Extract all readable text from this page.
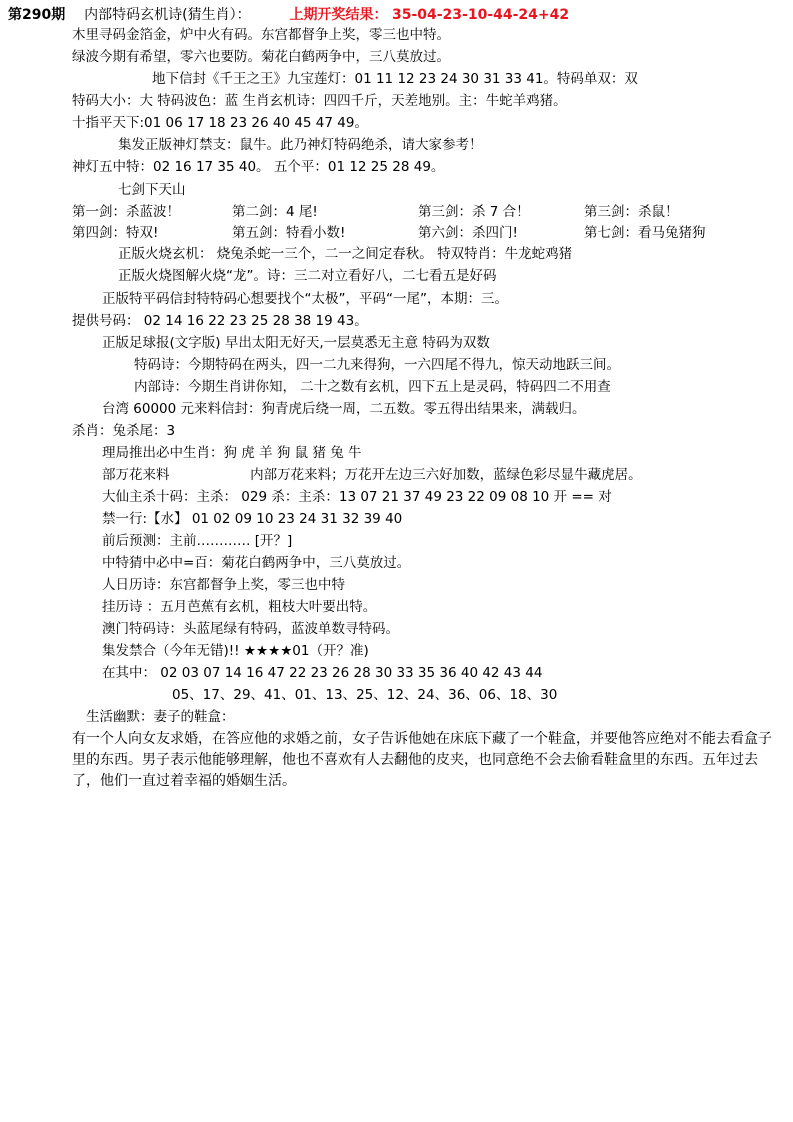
第290期 内部特码玄机诗(猜生肖）：	上期开奖结果： 35-04-23-10-44-24+42
木里寻码金箔金，炉中火有码。东宫都督争上奖，零三也中特。
绿波今期有希望，零六也要防。菊花白鹤两争中，三八莫放过。
地下信封《千王之王》九宝莲灯：01 11 12 23 24 30 31 33 41。特码单双：双
特码大小：大 特码波色：蓝 生肖玄机诗：四四千斤，天差地别。主：牛蛇羊鸡猪。
十指平天下:01 06 17 18 23 26 40 45 47 49。
集发正版神灯禁支：鼠牛。此乃神灯特码绝杀，请大家参考！
神灯五中特：02 16 17 35 40。 五个平：01 12 25 28 49。
七剑下天山
第一剑：杀蓝波！	第二剑：4 尾!	第三剑：杀 7 合！	第三剑：杀鼠！
第四剑：特双!	第五剑：特看小数!	第六剑：杀四门!	第七剑：看马兔猪狗
正版火烧玄机： 烧兔杀蛇一三个，二一之间定春秋。 特双特肖：牛龙蛇鸡猪
正版火烧图解火烧“龙”。诗：三二对立看好八，二七看五是好码
正版特平码信封特特码心想要找个“太极”，平码“一尾”，本期：三。
提供号码： 02 14 16 22 23 25 28 38 19 43。
正版足球报(文字版) 早出太阳无好天,一层莫悉无主意 特码为双数
特码诗：今期特码在两头，四一二九来得狗，一六四尾不得九，惊天动地跃三间。
内部诗：今期生肖讲你知， 二十之数有玄机，四下五上是灵码，特码四二不用查
台湾 60000 元来料信封：狗青虎后绕一周，二五数。零五得出结果来，满载归。
杀肖：兔杀尾：3
理局推出必中生肖：狗 虎 羊 狗 鼠 猪 兔 牛
部万花来料	内部万花来料；万花开左边三六好加数，蓝绿色彩尽显牛藏虎居。
大仙主杀十码：主杀： 029 杀：主杀：13 07 21 37 49 23 22 09 08 10 开 == 对
禁一行:【水】 01 02 09 10 23 24 31 32 39 40
前后预测：主前………… [开？]
中特猜中必中=百：菊花白鹤两争中，三八莫放过。
人日历诗：东宫都督争上奖，零三也中特
挂历诗 ：五月芭蕉有玄机，粗枝大叶要出特。
澳门特码诗：头蓝尾绿有特码，蓝波单数寻特码。
集发禁合（今年无错)!! ★★★★01（开？准)
在其中： 02 03 07 14 16 47 22 23 26 28 30 33 35 36 40 42 43 44
05、17、29、41、01、13、25、12、24、36、06、18、30
生活幽默：妻子的鞋盒：
有一个人向女友求婚，在答应他的求婚之前，女子告诉他她在床底下藏了一个鞋盒，并要他答应绝对不能去看盒子里的东西。男子表示他能够理解，他也不喜欢有人去翻他的皮夹，也同意绝不会去偷看鞋盒里的东西。五年过去了，他们一直过着幸福的婚姻生活。
